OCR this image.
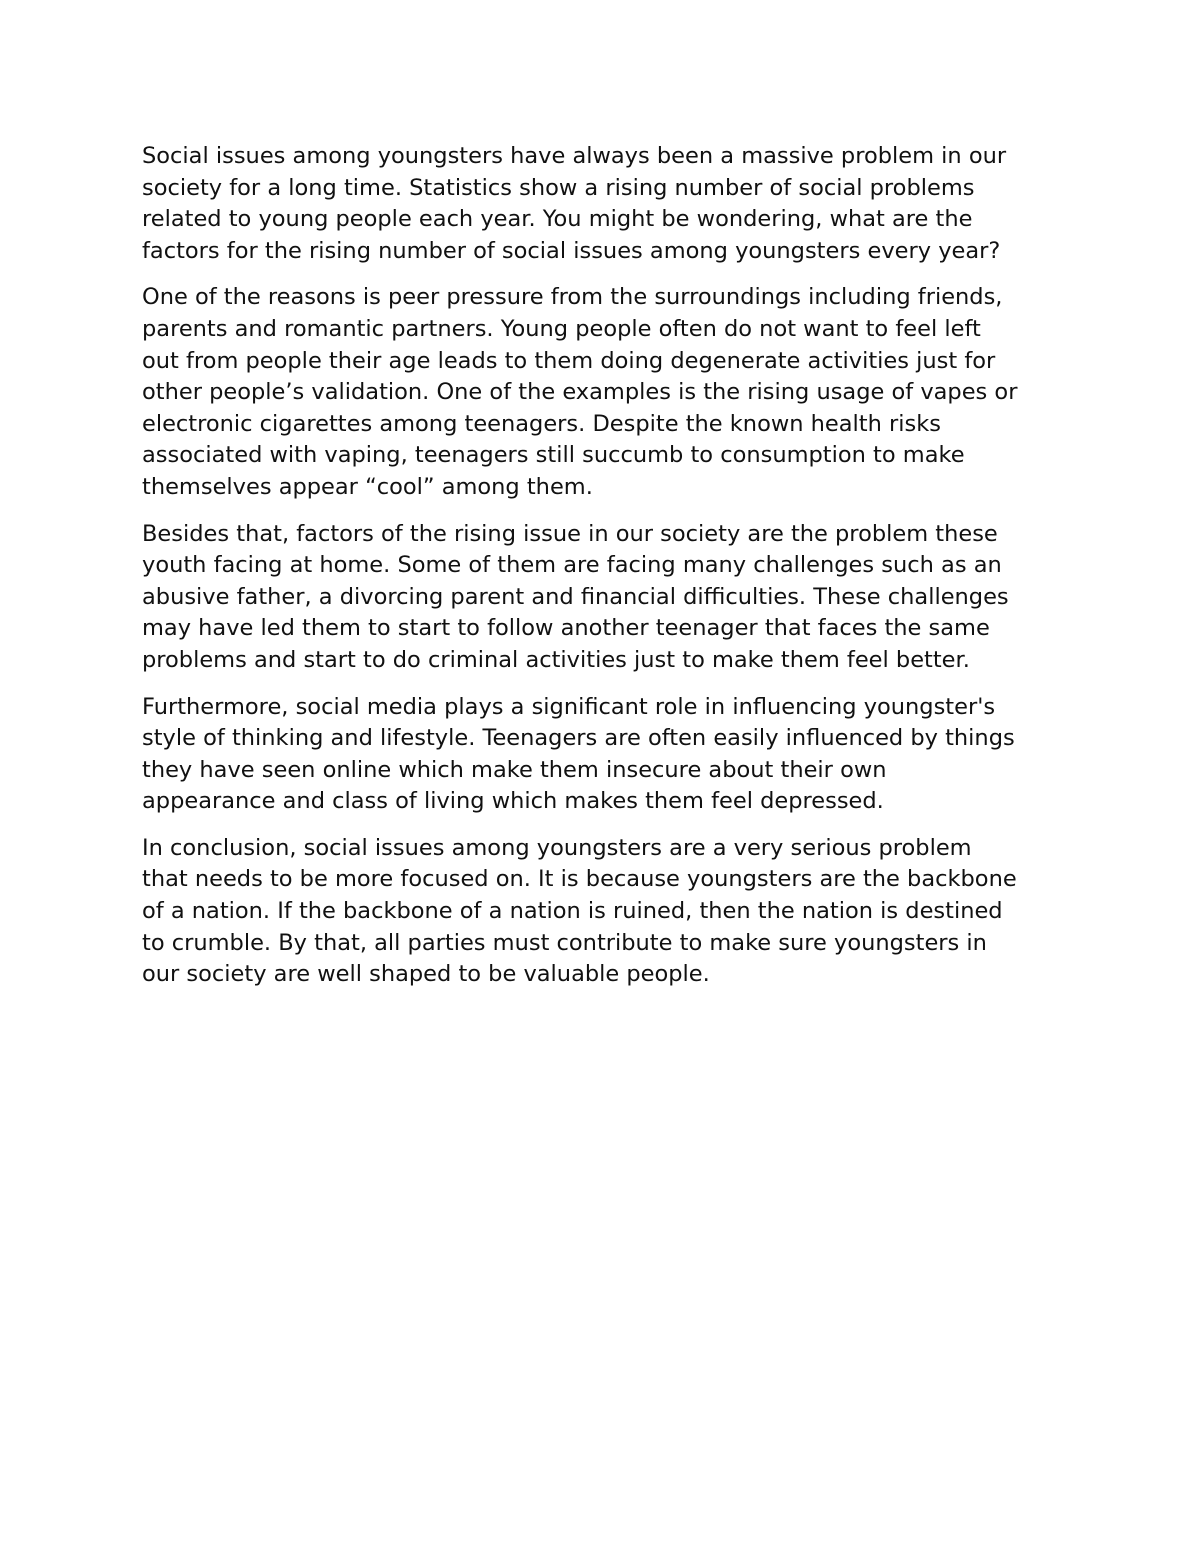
Social issues among youngsters have always been a massive problem in our
society for a long time. Statistics show a rising number of social problems
related to young people each year. You might be wondering, what are the
factors for the rising number of social issues among youngsters every year?

One of the reasons is peer pressure from the surroundings including friends,
parents and romantic partners. Young people often do not want to feel left
out from people their age leads to them doing degenerate activities just for
other people’s validation. One of the examples is the rising usage of vapes or
electronic cigarettes among teenagers. Despite the known health risks
associated with vaping, teenagers still succumb to consumption to make
themselves appear “cool” among them.

Besides that, factors of the rising issue in our society are the problem these
youth facing at home. Some of them are facing many challenges such as an
abusive father, a divorcing parent and financial difficulties. These challenges
may have led them to start to follow another teenager that faces the same
problems and start to do criminal activities just to make them feel better.

Furthermore, social media plays a significant role in influencing youngster's
style of thinking and lifestyle. Teenagers are often easily influenced by things
they have seen online which make them insecure about their own
appearance and class of living which makes them feel depressed.

In conclusion, social issues among youngsters are a very serious problem
that needs to be more focused on. It is because youngsters are the backbone
of a nation. If the backbone of a nation is ruined, then the nation is destined
to crumble. By that, all parties must contribute to make sure youngsters in
our society are well shaped to be valuable people.
